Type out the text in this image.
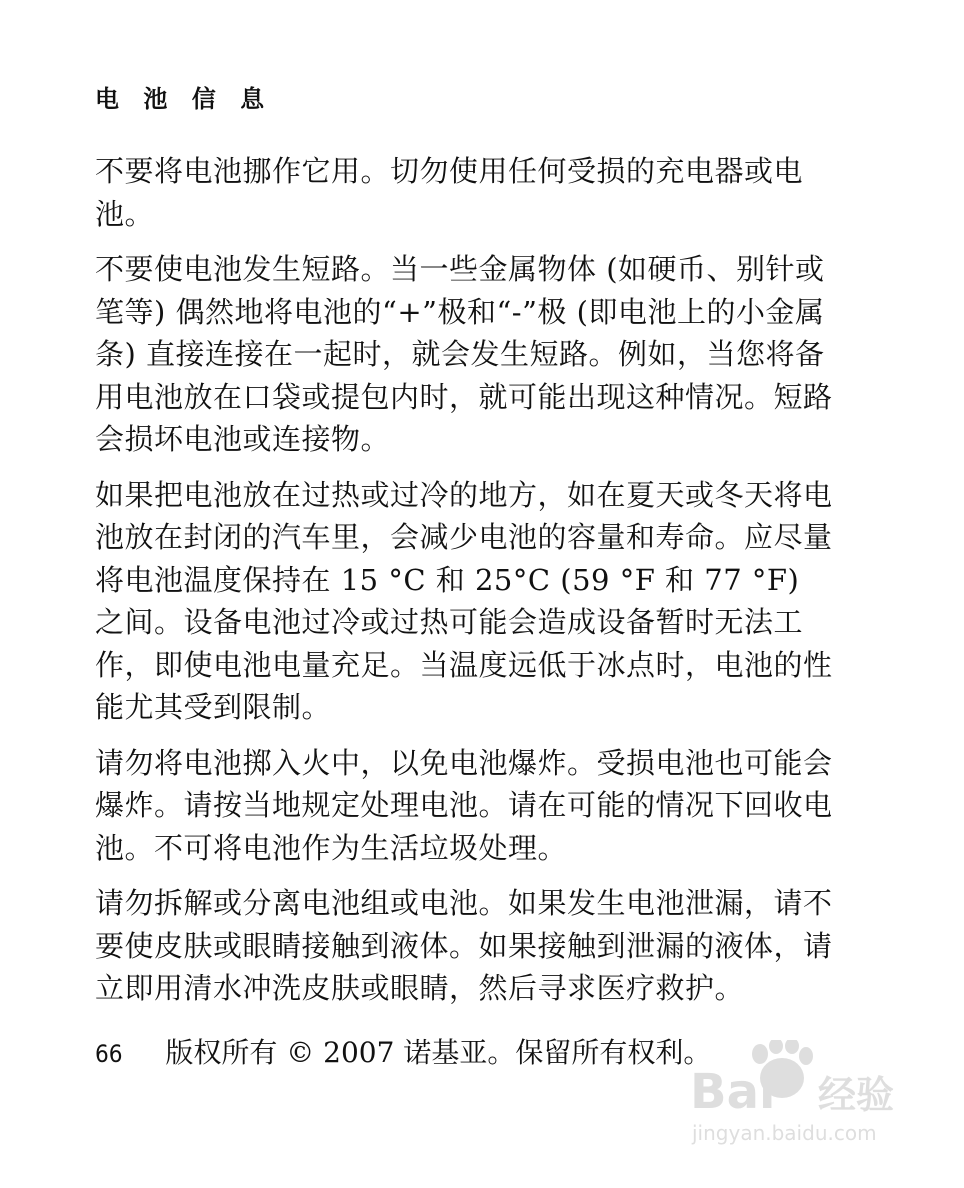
电 池 信 息

不要将电池挪作它用。切勿使用任何受损的充电器或电池。

不要使电池发生短路。当一些金属物体 (如硬币、别针或笔等) 偶然地将电池的“+”极和“-”极 (即电池上的小金属条) 直接连接在一起时，就会发生短路。例如，当您将备用电池放在口袋或提包内时，就可能出现这种情况。短路会损坏电池或连接物。

如果把电池放在过热或过冷的地方，如在夏天或冬天将电池放在封闭的汽车里，会减少电池的容量和寿命。应尽量将电池温度保持在 15 °C 和 25°C (59 °F 和 77 °F) 之间。设备电池过冷或过热可能会造成设备暂时无法工作，即使电池电量充足。当温度远低于冰点时，电池的性能尤其受到限制。

请勿将电池掷入火中，以免电池爆炸。受损电池也可能会爆炸。请按当地规定处理电池。请在可能的情况下回收电池。不可将电池作为生活垃圾处理。

请勿拆解或分离电池组或电池。如果发生电池泄漏，请不要使皮肤或眼睛接触到液体。如果接触到泄漏的液体，请立即用清水冲洗皮肤或眼睛，然后寻求医疗救护。

66 版权所有 © 2007 诺基亚。保留所有权利。
Bai 经验
jingyan.baidu.com
